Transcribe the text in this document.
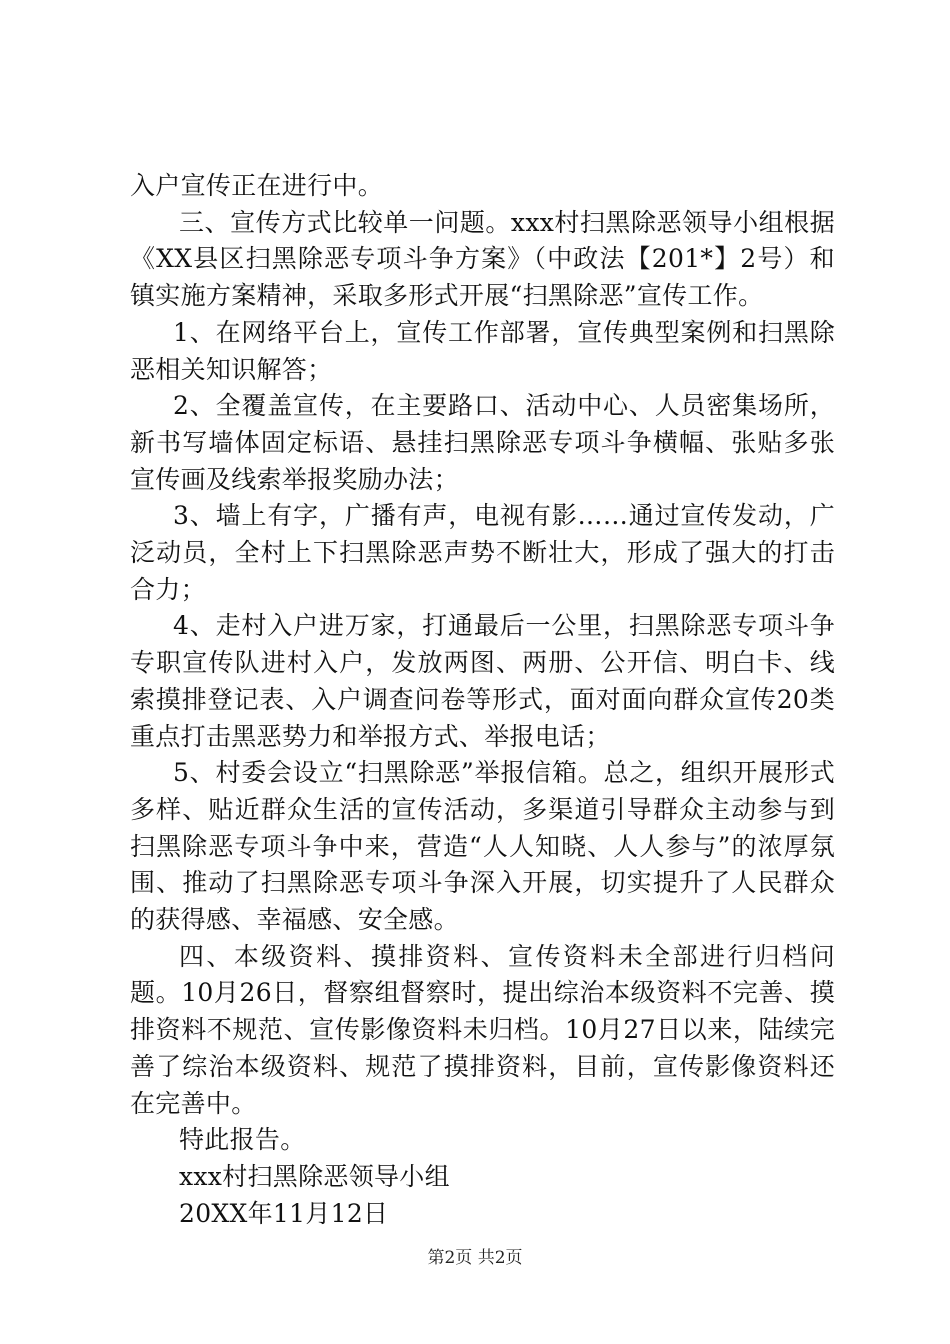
入户宣传正在进行中。

三、宣传方式比较单一问题。xxx村扫黑除恶领导小组根据《XX县区扫黑除恶专项斗争方案》（中政法【201*】2号）和镇实施方案精神，采取多形式开展“扫黑除恶”宣传工作。

1、在网络平台上，宣传工作部署，宣传典型案例和扫黑除恶相关知识解答；

2、全覆盖宣传，在主要路口、活动中心、人员密集场所，新书写墙体固定标语、悬挂扫黑除恶专项斗争横幅、张贴多张宣传画及线索举报奖励办法；

3、墙上有字，广播有声，电视有影……通过宣传发动，广泛动员，全村上下扫黑除恶声势不断壮大，形成了强大的打击合力；

4、走村入户进万家，打通最后一公里，扫黑除恶专项斗争专职宣传队进村入户，发放两图、两册、公开信、明白卡、线索摸排登记表、入户调查问卷等形式，面对面向群众宣传20类重点打击黑恶势力和举报方式、举报电话；

5、村委会设立“扫黑除恶”举报信箱。总之，组织开展形式多样、贴近群众生活的宣传活动，多渠道引导群众主动参与到扫黑除恶专项斗争中来，营造“人人知晓、人人参与”的浓厚氛围、推动了扫黑除恶专项斗争深入开展，切实提升了人民群众的获得感、幸福感、安全感。

四、本级资料、摸排资料、宣传资料未全部进行归档问题。10月26日，督察组督察时，提出综治本级资料不完善、摸排资料不规范、宣传影像资料未归档。10月27日以来，陆续完善了综治本级资料、规范了摸排资料，目前，宣传影像资料还在完善中。

特此报告。

xxx村扫黑除恶领导小组

20XX年11月12日

第2页 共2页
